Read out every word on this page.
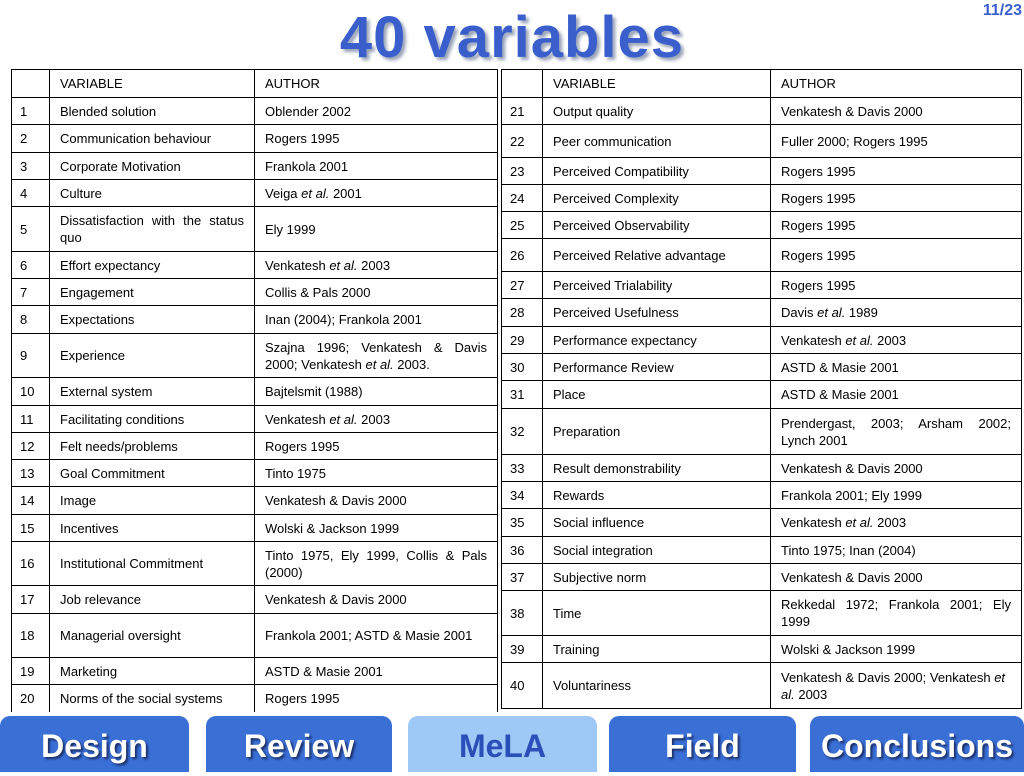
40 variables	11/23
	VARIABLE	AUTHOR
1	Blended solution	Oblender 2002
2	Communication behaviour	Rogers 1995
3	Corporate Motivation	Frankola 2001
4	Culture	Veiga et al. 2001
5	Dissatisfaction with the status quo	Ely 1999
6	Effort expectancy	Venkatesh et al. 2003
7	Engagement	Collis & Pals 2000
8	Expectations	Inan (2004); Frankola 2001
9	Experience	Szajna 1996; Venkatesh & Davis 2000; Venkatesh et al. 2003.
10	External system	Bajtelsmit (1988)
11	Facilitating conditions	Venkatesh et al. 2003
12	Felt needs/problems	Rogers 1995
13	Goal Commitment	Tinto 1975
14	Image	Venkatesh & Davis 2000
15	Incentives	Wolski & Jackson 1999
16	Institutional Commitment	Tinto 1975, Ely 1999, Collis & Pals (2000)
17	Job relevance	Venkatesh & Davis 2000
18	Managerial oversight	Frankola 2001; ASTD & Masie 2001
19	Marketing	ASTD & Masie 2001
20	Norms of the social systems	Rogers 1995
	VARIABLE	AUTHOR
21	Output quality	Venkatesh & Davis 2000
22	Peer communication	Fuller 2000; Rogers 1995
23	Perceived Compatibility	Rogers 1995
24	Perceived Complexity	Rogers 1995
25	Perceived Observability	Rogers 1995
26	Perceived Relative advantage	Rogers 1995
27	Perceived Trialability	Rogers 1995
28	Perceived Usefulness	Davis et al. 1989
29	Performance expectancy	Venkatesh et al. 2003
30	Performance Review	ASTD & Masie 2001
31	Place	ASTD & Masie 2001
32	Preparation	Prendergast, 2003; Arsham 2002; Lynch 2001
33	Result demonstrability	Venkatesh & Davis 2000
34	Rewards	Frankola 2001; Ely 1999
35	Social influence	Venkatesh et al. 2003
36	Social integration	Tinto 1975; Inan (2004)
37	Subjective norm	Venkatesh & Davis 2000
38	Time	Rekkedal 1972; Frankola 2001; Ely 1999
39	Training	Wolski & Jackson 1999
40	Voluntariness	Venkatesh & Davis 2000; Venkatesh et al. 2003
Design	Review	MeLA	Field	Conclusions
